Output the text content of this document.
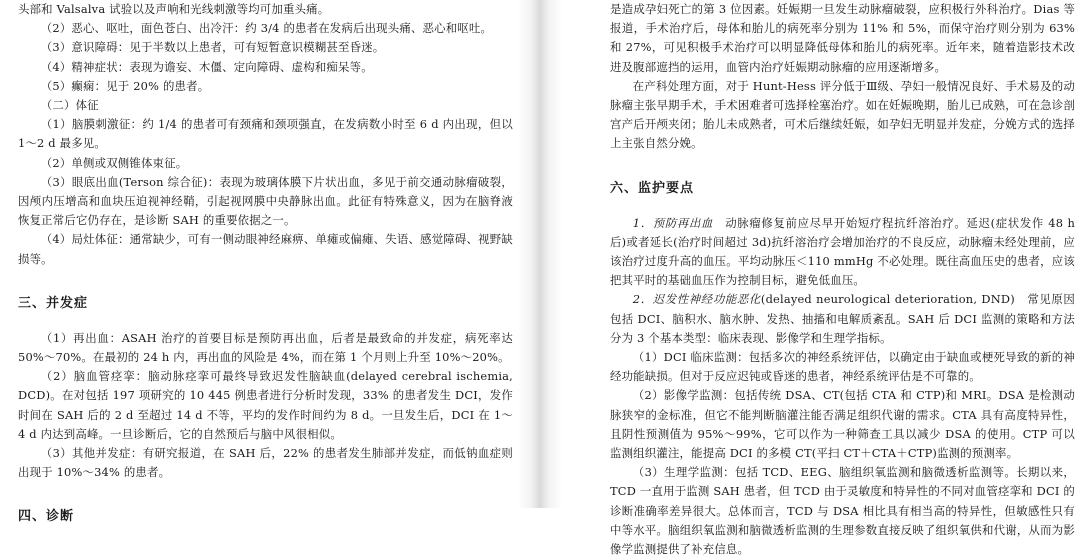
头部和 Valsalva 试验以及声响和光线刺激等均可加重头痛。

（2）恶心、呕吐，面色苍白、出冷汗：约 3/4 的患者在发病后出现头痛、恶心和呕吐。

（3）意识障碍：见于半数以上患者，可有短暂意识模糊甚至昏迷。

（4）精神症状：表现为谵妄、木僵、定向障碍、虚构和痴呆等。

（5）癫痫：见于 20% 的患者。

（二）体征

（1）脑膜刺激征：约 1/4 的患者可有颈痛和颈项强直，在发病数小时至 6 d 内出现，但以 1～2 d 最多见。

（2）单侧或双侧锥体束征。

（3）眼底出血(Terson 综合征)：表现为玻璃体膜下片状出血，多见于前交通动脉瘤破裂，因颅内压增高和血块压迫视神经鞘，引起视网膜中央静脉出血。此征有特殊意义，因为在脑脊液恢复正常后它仍存在，是诊断 SAH 的重要依据之一。

（4）局灶体征：通常缺少，可有一侧动眼神经麻痹、单瘫或偏瘫、失语、感觉障碍、视野缺损等。

三、并发症

（1）再出血：ASAH 治疗的首要目标是预防再出血，后者是最致命的并发症，病死率达 50%～70%。在最初的 24 h 内，再出血的风险是 4%，而在第 1 个月则上升至 10%～20%。

（2）脑血管痉挛：脑动脉痉挛可最终导致迟发性脑缺血(delayed cerebral ischemia, DCD)。在对包括 197 项研究的 10 445 例患者进行分析时发现，33% 的患者发生 DCI，发作时间在 SAH 后的 2 d 至超过 14 d 不等，平均的发作时间约为 8 d。一旦发生后，DCI 在 1～4 d 内达到高峰。一旦诊断后，它的自然预后与脑中风很相似。

（3）其他并发症：有研究报道，在 SAH 后，22% 的患者发生肺部并发症，而低钠血症则出现于 10%～34% 的患者。

四、诊断

是造成孕妇死亡的第 3 位因素。妊娠期一旦发生动脉瘤破裂，应积极行外科治疗。Dias 等报道，手术治疗后，母体和胎儿的病死率分别为 11% 和 5%，而保守治疗则分别为 63% 和 27%，可见积极手术治疗可以明显降低母体和胎儿的病死率。近年来，随着造影技术改进及腹部遮挡的运用，血管内治疗妊娠期动脉瘤的应用逐渐增多。

在产科处理方面，对于 Hunt-Hess 评分低于Ⅲ级、孕妇一般情况良好、手术易及的动脉瘤主张早期手术，手术困难者可选择栓塞治疗。如在妊娠晚期，胎儿已成熟，可在急诊剖宫产后开颅夹闭；胎儿未成熟者，可术后继续妊娠，如孕妇无明显并发症，分娩方式的选择上主张自然分娩。

六、监护要点

1．预防再出血　 动脉瘤修复前应尽早开始短疗程抗纤溶治疗。延迟(症状发作 48 h 后)或者延长(治疗时间超过 3d)抗纤溶治疗会增加治疗的不良反应，动脉瘤未经处理前，应该治疗过度升高的血压。平均动脉压＜110 mmHg 不必处理。既往高血压史的患者，应该把其平时的基础血压作为控制目标，避免低血压。

2．迟发性神经功能恶化(delayed neurological deterioration, DND)　常见原因包括 DCI、脑积水、脑水肿、发热、抽搐和电解质紊乱。SAH 后 DCI 监测的策略和方法分为 3 个基本类型：临床表现、影像学和生理学指标。

（1）DCI 临床监测：包括多次的神经系统评估，以确定由于缺血或梗死导致的新的神经功能缺损。但对于反应迟钝或昏迷的患者，神经系统评估是不可靠的。

（2）影像学监测：包括传统 DSA、CT(包括 CTA 和 CTP)和 MRI。DSA 是检测动脉狭窄的金标准，但它不能判断脑灌注能否满足组织代谢的需求。CTA 具有高度特异性，且阴性预测值为 95%～99%，它可以作为一种筛查工具以减少 DSA 的使用。CTP 可以监测组织灌注，能提高 DCI 的多模 CT(平扫 CT＋CTA＋CTP)监测的预测率。

（3）生理学监测：包括 TCD、EEG、脑组织氧监测和脑微透析监测等。长期以来，TCD 一直用于监测 SAH 患者，但 TCD 由于灵敏度和特异性的不同对血管痉挛和 DCI 的诊断准确率差异很大。总体而言，TCD 与 DSA 相比具有相当高的特异性，但敏感性只有中等水平。脑组织氧监测和脑微透析监测的生理参数直接反映了组织氧供和代谢，从而为影像学监测提供了补充信息。
